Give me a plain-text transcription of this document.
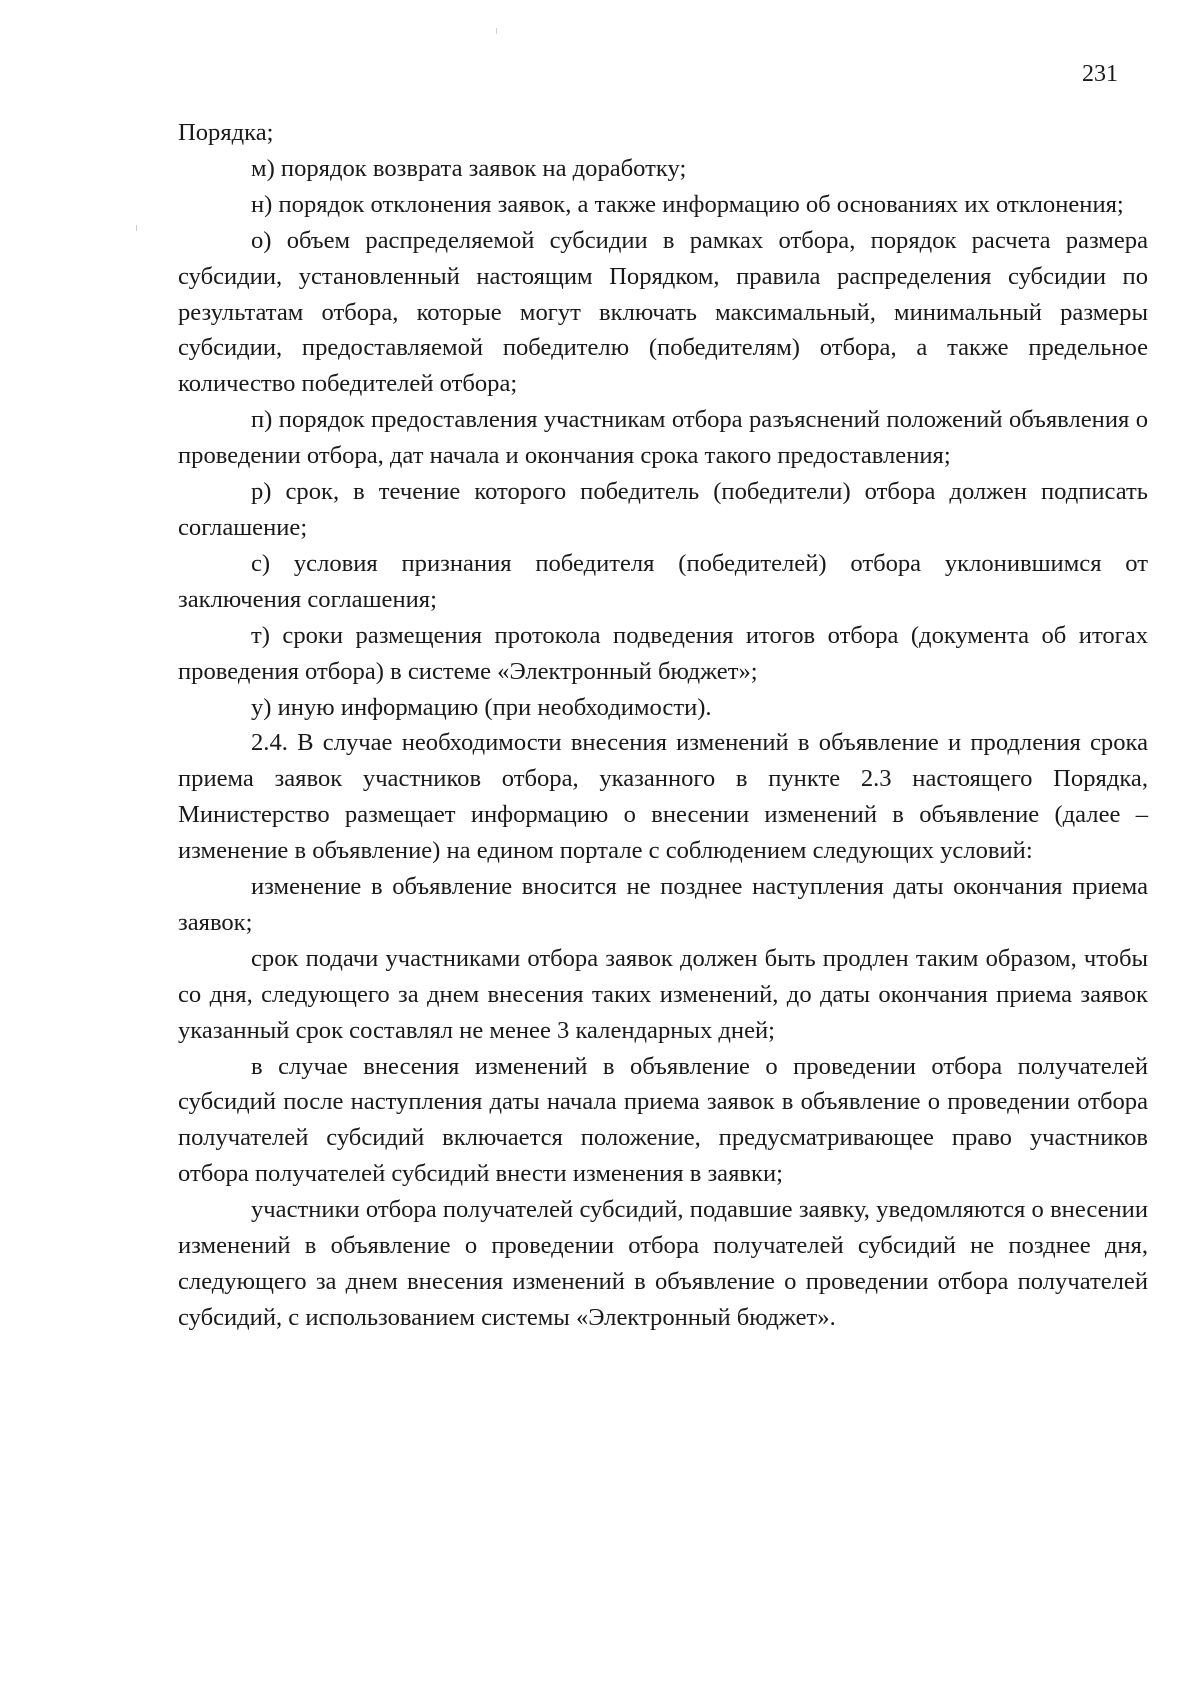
231

Порядка;

м) порядок возврата заявок на доработку;

н) порядок отклонения заявок, а также информацию об основаниях их отклонения;

о) объем распределяемой субсидии в рамках отбора, порядок расчета размера субсидии, установленный настоящим Порядком, правила распределения субсидии по результатам отбора, которые могут включать максимальный, минимальный размеры субсидии, предоставляемой победителю (победителям) отбора, а также предельное количество победителей отбора;

п) порядок предоставления участникам отбора разъяснений положений объявления о проведении отбора, дат начала и окончания срока такого предоставления;

р) срок, в течение которого победитель (победители) отбора должен подписать соглашение;

с) условия признания победителя (победителей) отбора уклонившимся от заключения соглашения;

т) сроки размещения протокола подведения итогов отбора (документа об итогах проведения отбора) в системе «Электронный бюджет»;

у) иную информацию (при необходимости).

2.4. В случае необходимости внесения изменений в объявление и продления срока приема заявок участников отбора, указанного в пункте 2.3 настоящего Порядка, Министерство размещает информацию о внесении изменений в объявление (далее – изменение в объявление) на едином портале с соблюдением следующих условий:

изменение в объявление вносится не позднее наступления даты окончания приема заявок;

срок подачи участниками отбора заявок должен быть продлен таким образом, чтобы со дня, следующего за днем внесения таких изменений, до даты окончания приема заявок указанный срок составлял не менее 3 календарных дней;

в случае внесения изменений в объявление о проведении отбора получателей субсидий после наступления даты начала приема заявок в объявление о проведении отбора получателей субсидий включается положение, предусматривающее право участников отбора получателей субсидий внести изменения в заявки;

участники отбора получателей субсидий, подавшие заявку, уведомляются о внесении изменений в объявление о проведении отбора получателей субсидий не позднее дня, следующего за днем внесения изменений в объявление о проведении отбора получателей субсидий, с использованием системы «Электронный бюджет».
